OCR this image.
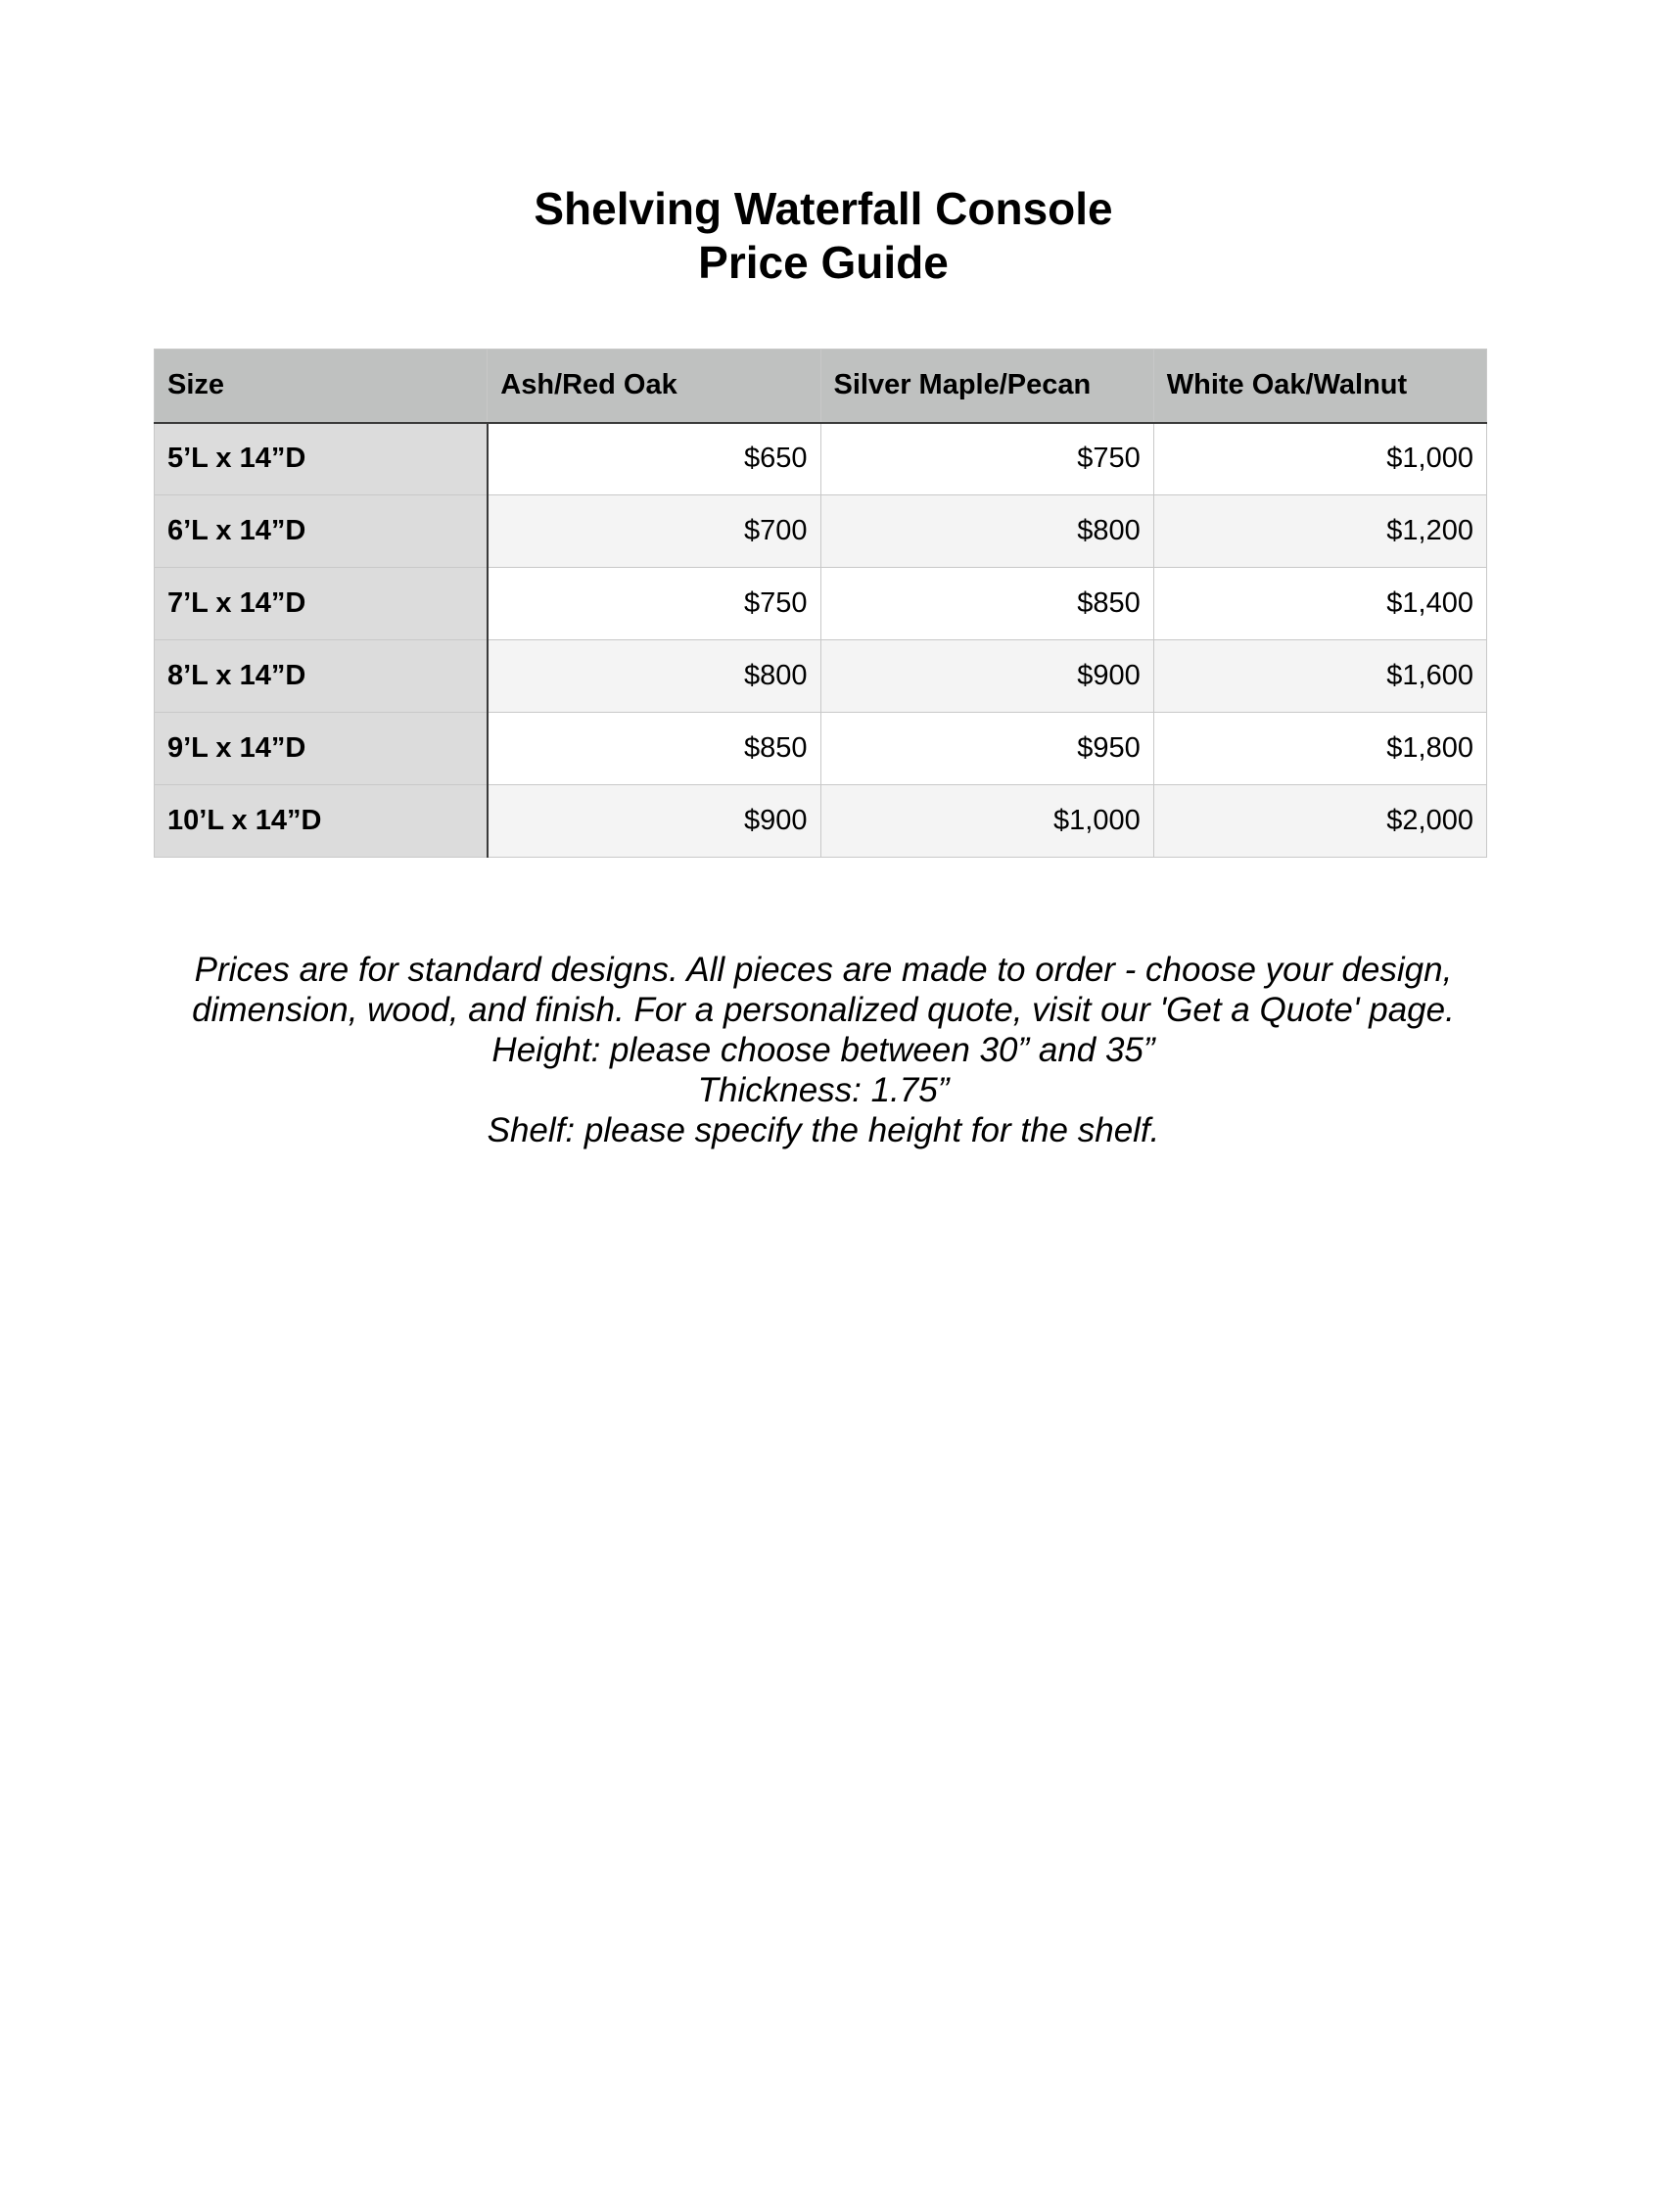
Shelving Waterfall Console

Price Guide

Size	Ash/Red Oak	Silver Maple/Pecan	White Oak/Walnut
5’L x 14”D	$650	$750	$1,000
6’L x 14”D	$700	$800	$1,200
7’L x 14”D	$750	$850	$1,400
8’L x 14”D	$800	$900	$1,600
9’L x 14”D	$850	$950	$1,800
10’L x 14”D	$900	$1,000	$2,000
Prices are for standard designs. All pieces are made to order - choose your design,
dimension, wood, and finish. For a personalized quote, visit our 'Get a Quote' page.
Height: please choose between 30” and 35”
Thickness: 1.75”
Shelf: please specify the height for the shelf.
